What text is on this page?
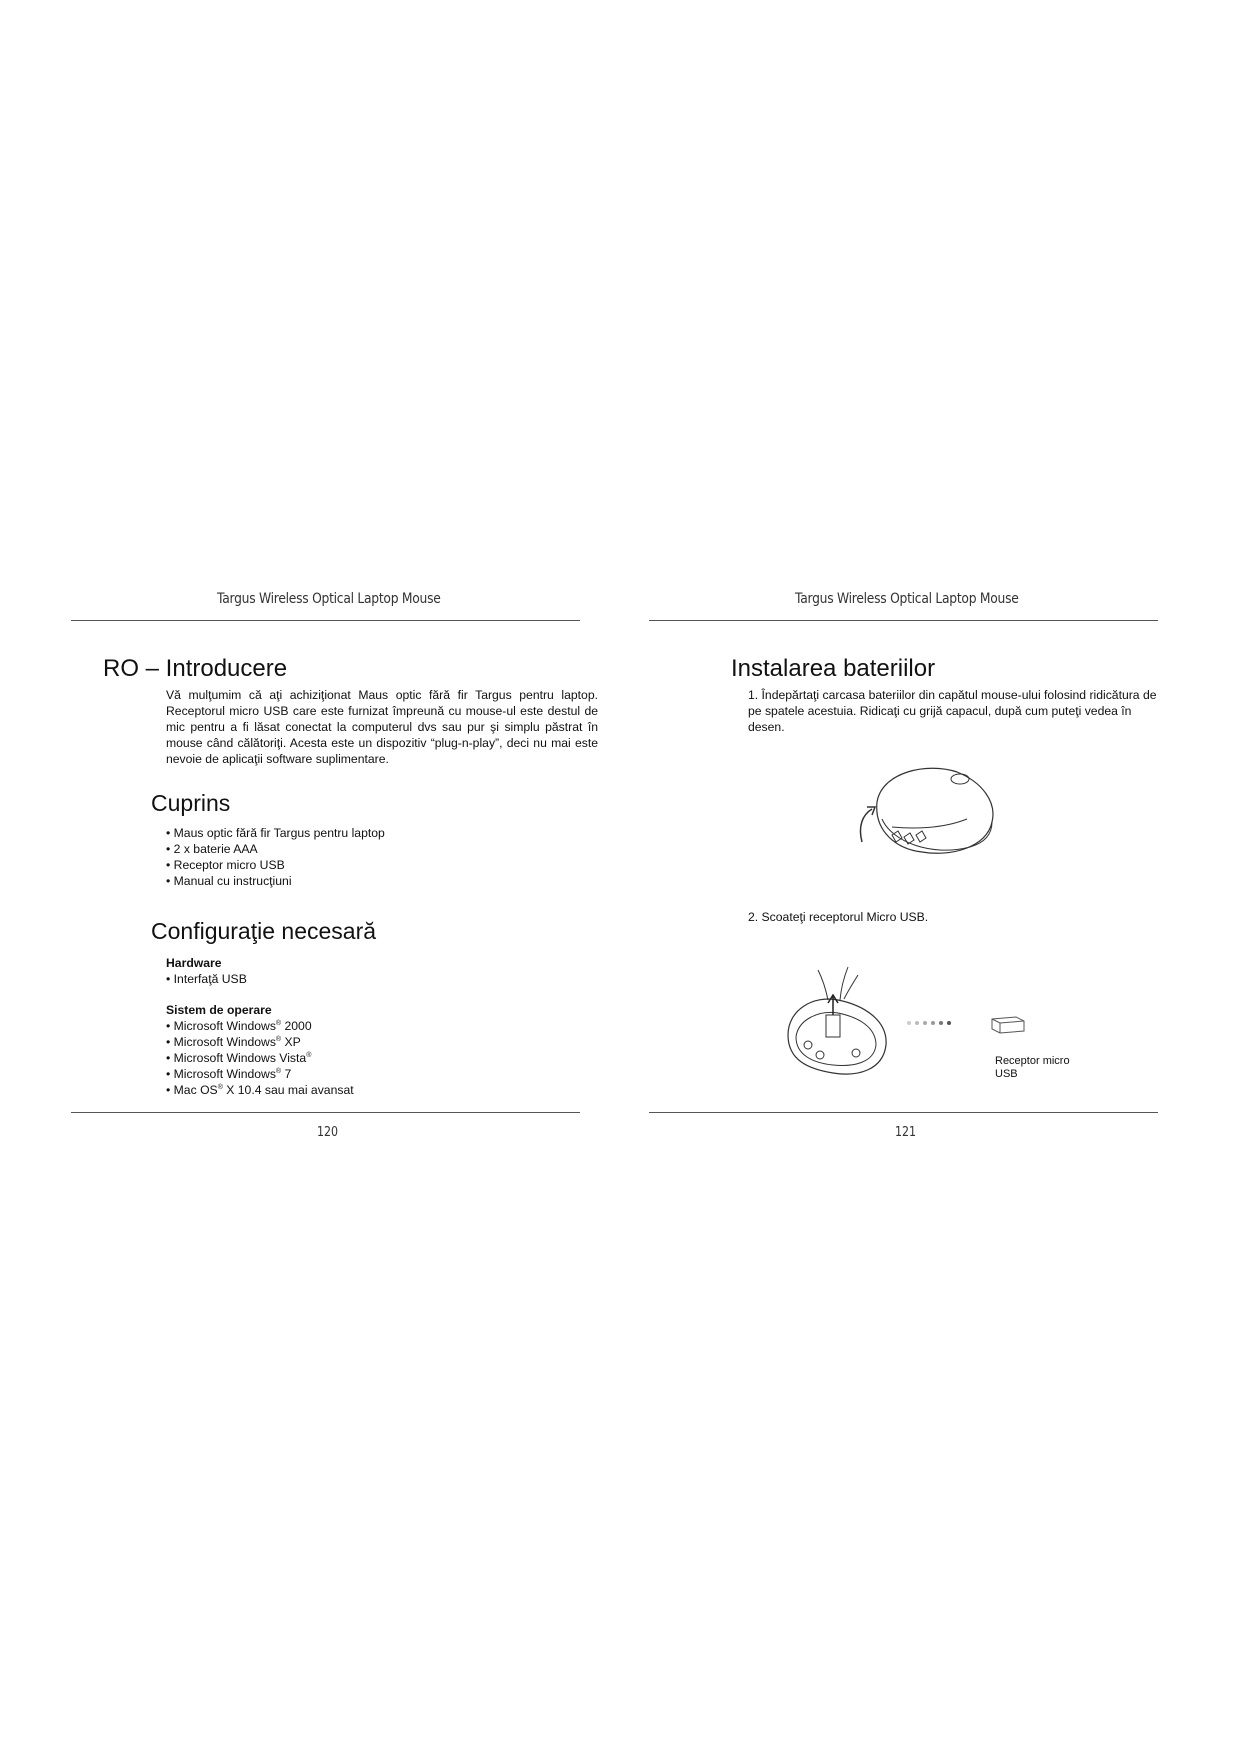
Targus Wireless Optical Laptop Mouse
RO – Introducere

Vă mulţumim că aţi achiziţionat Maus optic fără fir Targus pentru laptop. Receptorul micro USB care este furnizat împreună cu mouse-ul este destul de mic pentru a fi lăsat conectat la computerul dvs sau pur şi simplu păstrat în mouse când călătoriţi. Acesta este un dispozitiv “plug-n-play”, deci nu mai este nevoie de aplicaţii software suplimentare.

Cuprins
• Maus optic fără fir Targus pentru laptop
• 2 x baterie AAA
• Receptor micro USB
• Manual cu instrucţiuni
Configuraţie necesară
Hardware
• Interfaţă USB
Sistem de operare
• Microsoft Windows® 2000
• Microsoft Windows® XP
• Microsoft Windows Vista®
• Microsoft Windows® 7
• Mac OS® X 10.4 sau mai avansat
120
Targus Wireless Optical Laptop Mouse
Instalarea bateriilor

1. Îndepărtaţi carcasa bateriilor din capătul mouse-ului folosind ridicătura de pe spatele acestuia. Ridicaţi cu grijă capacul, după cum puteţi vedea în desen.

2. Scoateţi receptorul Micro USB.

Receptor micro USB
121
